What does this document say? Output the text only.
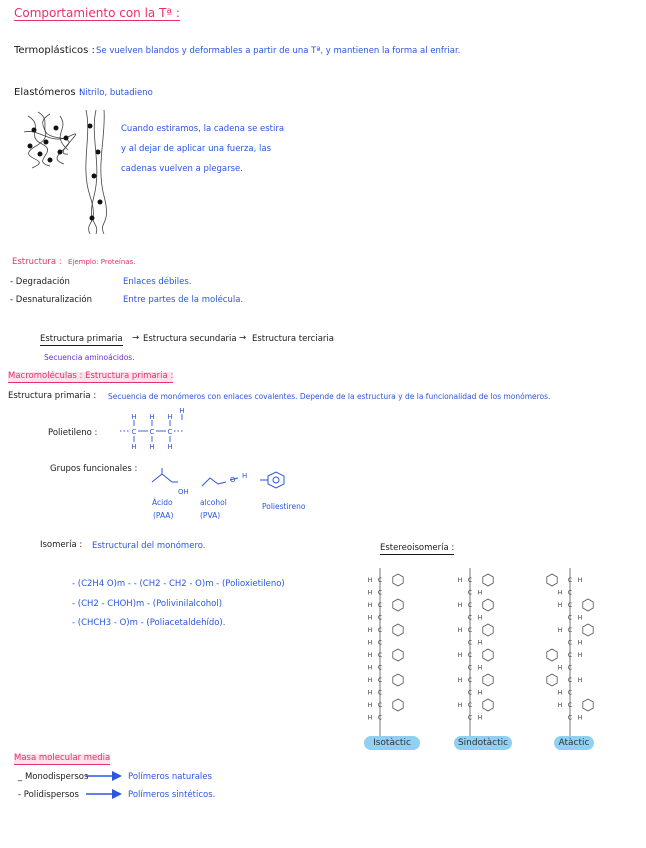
Comportamiento con la Tª :
Termoplásticos : Se vuelven blandos y deformables a partir de una Tª, y mantienen la forma al enfriar.
Elastómeros :
Nitrilo, butadieno
Cuando estiramos, la cadena se estira
y al dejar de aplicar una fuerza, las
cadenas vuelven a plegarse.
Estructura : Ejemplo: Proteínas.
- Degradación	Enlaces débiles.
- Desnaturalización	Entre partes de la molécula.
Estructura primaria → Estructura secundaria → Estructura terciaria
Secuencia aminoácidos.
Macromoléculas : Estructura primaria :
Estructura primaria : Secuencia de monómeros con enlaces covalentes. Depende de la estructura y de la funcionalidad de los monómeros.
Polietileno :	C C C
H H H
H
H H H
Grupos funcionales :
OH
O H
Ácido
(PAA)
alcohol
(PVA)
Poliestireno
Isomería : Estructural del monómero.
- (C2H4 O)m - - (CH2 - CH2 - O)m - (Polioxietileno)
- (CH2 - CHOH)m - (Polivinilalcohol)
- (CHCH3 - O)m - (Poliacetaldehído).
Estereoisomería :
C
H
C
H
C
H
C
H
C
H
C
H
C
H
C
H
C
H
C
H
C
H
C
H
C
H
C H
C
H
C H
C
H
C H
C
H
C H
C
H
C H
C
H
C H
C H
C
H
C
H
C H
C
H
C H
C H
C
H
C H
C
H
C
H
C H
Isotàctic	Sindotàctic	Atàctic
Masa molecular media
_ Monodispersos	Polímeros naturales
- Polidispersos	Polímeros sintéticos.
